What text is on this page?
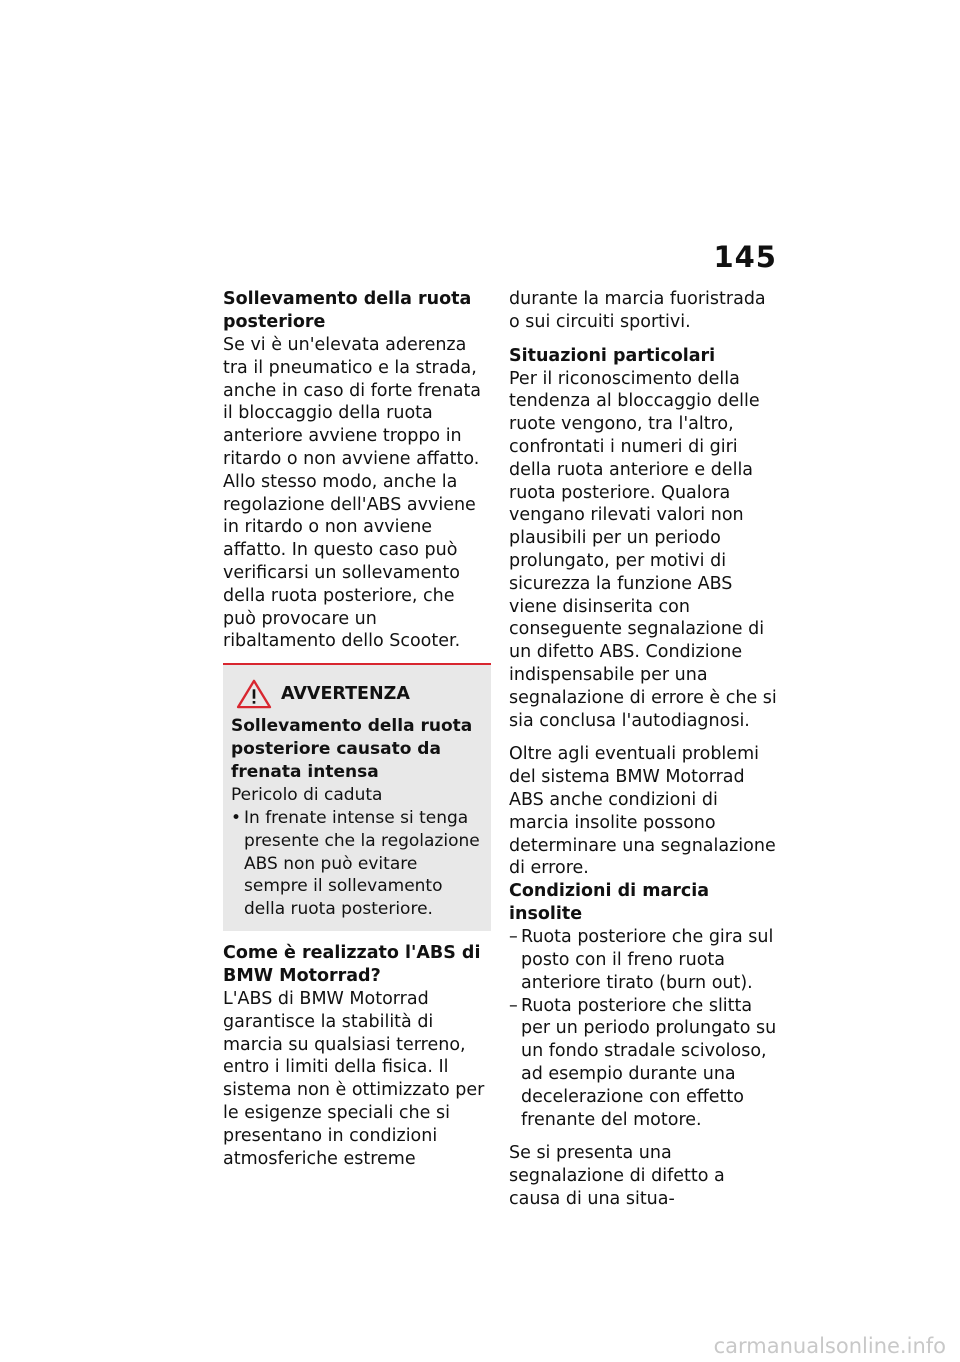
145

Sollevamento della ruota posteriore

Se vi è un'elevata aderenza tra il pneumatico e la strada, anche in caso di forte frenata il bloccaggio della ruota anteriore avviene troppo in ritardo o non avviene affatto. Allo stesso modo, anche la regolazione dell'ABS avviene in ritardo o non avviene affatto. In questo caso può verificarsi un sollevamento della ruota posteriore, che può provocare un ribaltamento dello Scooter.

AVVERTENZA

Sollevamento della ruota posteriore causato da frenata intensa

Pericolo di caduta

• In frenate intense si tenga presente che la regolazione ABS non può evitare sempre il sollevamento della ruota posteriore.

Come è realizzato l'ABS di BMW Motorrad?

L'ABS di BMW Motorrad garantisce la stabilità di marcia su qualsiasi terreno, entro i limiti della fisica. Il sistema non è ottimizzato per le esigenze speciali che si presentano in condizioni atmosferiche estreme

durante la marcia fuoristrada o sui circuiti sportivi.

Situazioni particolari

Per il riconoscimento della tendenza al bloccaggio delle ruote vengono, tra l'altro, confrontati i numeri di giri della ruota anteriore e della ruota posteriore. Qualora vengano rilevati valori non plausibili per un periodo prolungato, per motivi di sicurezza la funzione ABS viene disinserita con conseguente segnalazione di un difetto ABS. Condizione indispensabile per una segnalazione di errore è che si sia conclusa l'autodiagnosi.

Oltre agli eventuali problemi del sistema BMW Motorrad ABS anche condizioni di marcia insolite possono determinare una segnalazione di errore.

Condizioni di marcia insolite

– Ruota posteriore che gira sul posto con il freno ruota anteriore tirato (burn out).
– Ruota posteriore che slitta per un periodo prolungato su un fondo stradale scivoloso, ad esempio durante una decelerazione con effetto frenante del motore.

Se si presenta una segnalazione di difetto a causa di una situa-

carmanualsonline.info
